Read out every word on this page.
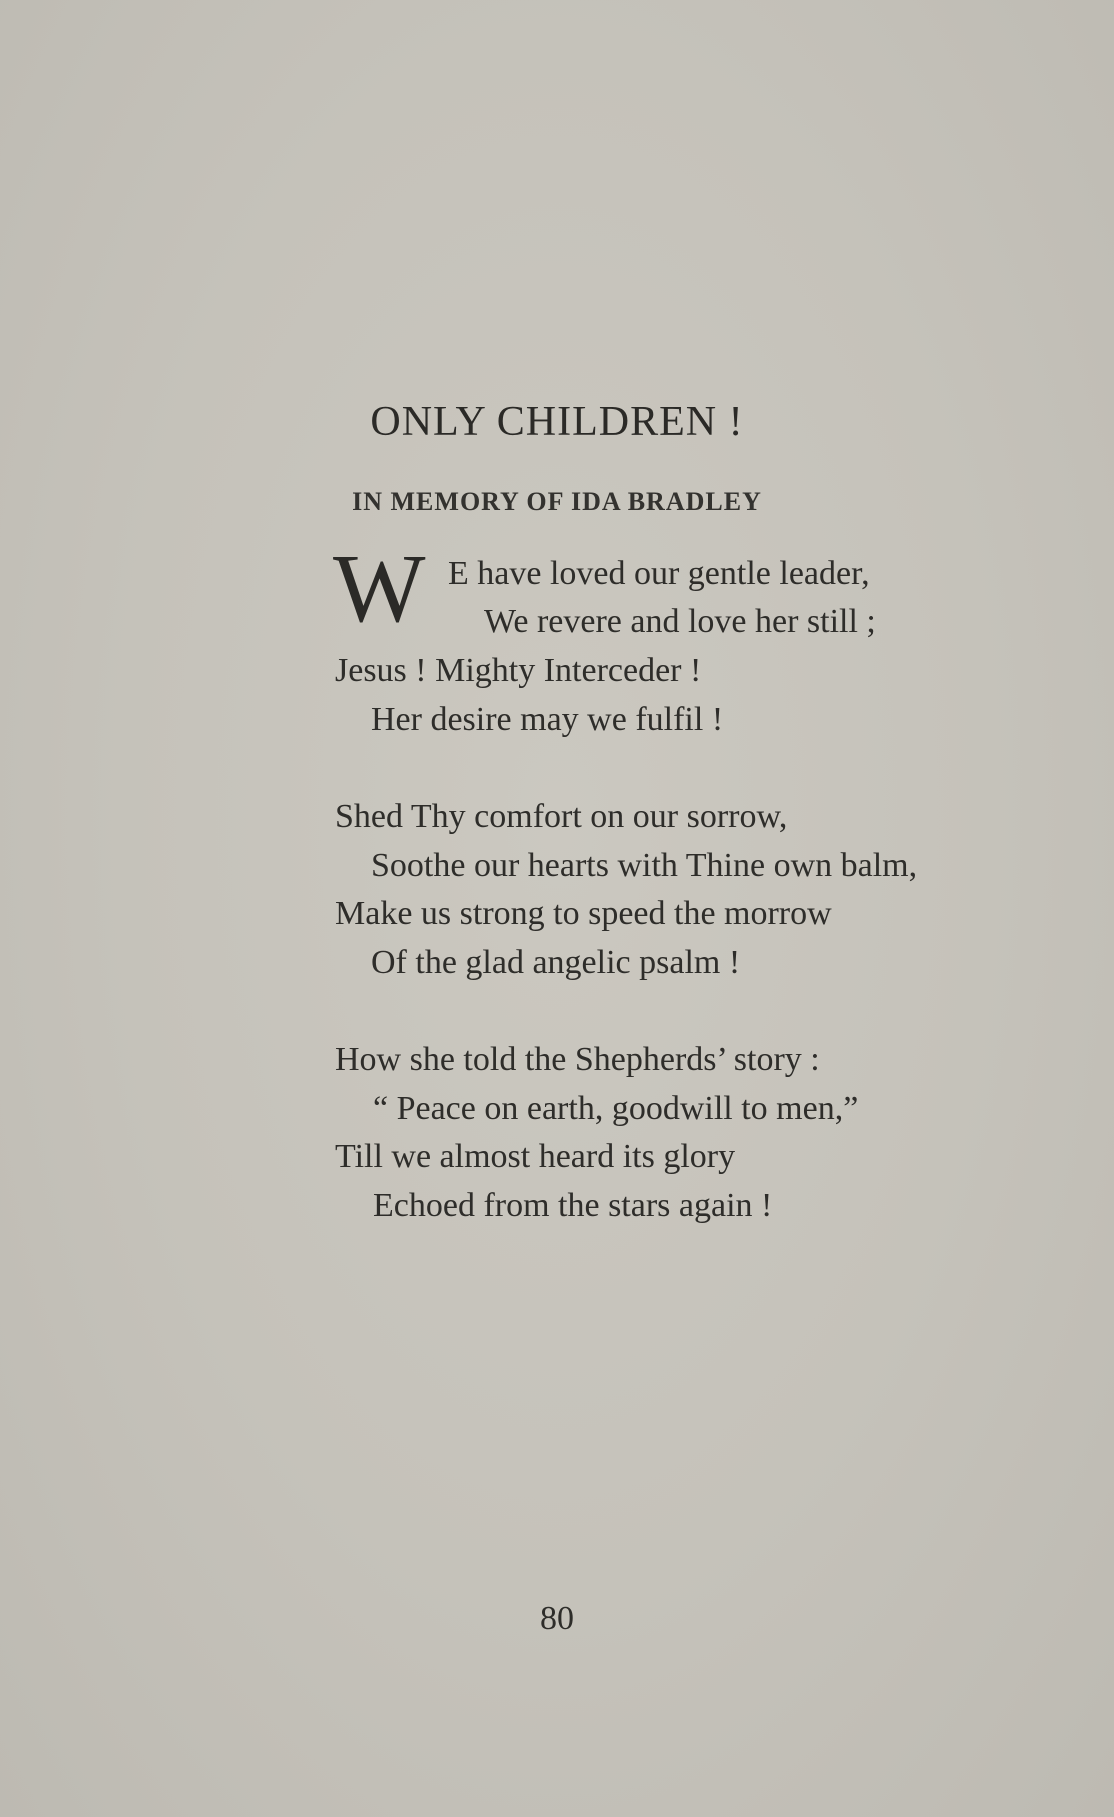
ONLY CHILDREN !
IN MEMORY OF IDA BRADLEY
W E have loved our gentle leader,

We revere and love her still ;

Jesus ! Mighty Interceder !

Her desire may we fulfil !

Shed Thy comfort on our sorrow,

Soothe our hearts with Thine own balm,

Make us strong to speed the morrow

Of the glad angelic psalm !

How she told the Shepherds’ story :

“ Peace on earth, goodwill to men,”

Till we almost heard its glory

Echoed from the stars again !

80
